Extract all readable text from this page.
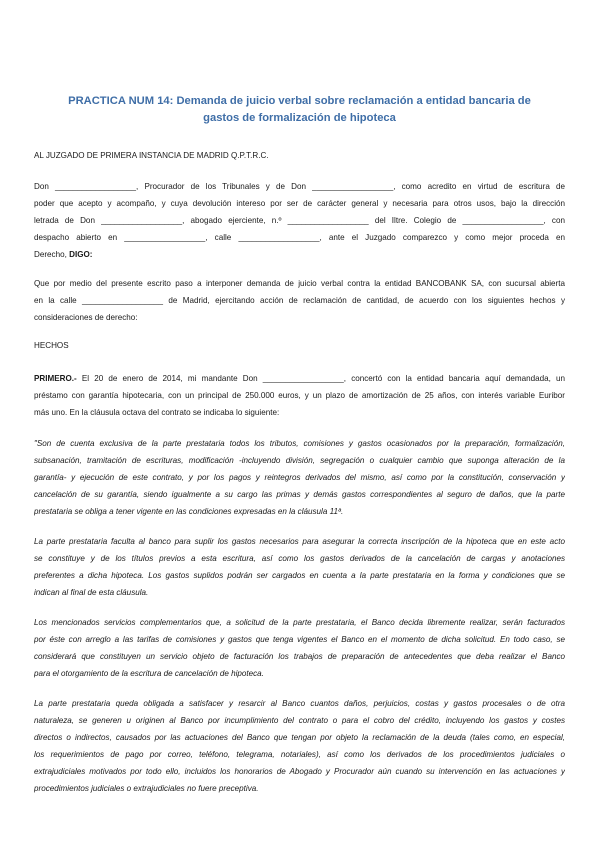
PRACTICA NUM 14: Demanda de juicio verbal sobre reclamación a entidad bancaria de
gastos de formalización de hipoteca
AL JUZGADO DE PRIMERA INSTANCIA DE MADRID Q.P.T.R.C.
Don __________________, Procurador de los Tribunales y de Don __________________, como acredito en virtud de escritura de
poder que acepto y acompaño, y cuya devolución intereso por ser de carácter general y necesaria para otros usos, bajo la dirección
letrada de Don __________________, abogado ejerciente, n.º __________________ del Iltre. Colegio de __________________, con
despacho abierto en __________________, calle __________________, ante el Juzgado comparezco y como mejor proceda en
Derecho, DIGO:
Que por medio del presente escrito paso a interponer demanda de juicio verbal contra la entidad BANCOBANK SA, con sucursal abierta
en la calle __________________ de Madrid, ejercitando acción de reclamación de cantidad, de acuerdo con los siguientes hechos y
consideraciones de derecho:
HECHOS
PRIMERO.- El 20 de enero de 2014, mi mandante Don __________________, concertó con la entidad bancaria aquí demandada, un
préstamo con garantía hipotecaria, con un principal de 250.000 euros, y un plazo de amortización de 25 años, con interés variable Euribor
más uno. En la cláusula octava del contrato se indicaba lo siguiente:
"Son de cuenta exclusiva de la parte prestataria todos los tributos, comisiones y gastos ocasionados por la preparación, formalización,
subsanación, tramitación de escrituras, modificación -incluyendo división, segregación o cualquier cambio que suponga alteración de la
garantía- y ejecución de este contrato, y por los pagos y reintegros derivados del mismo, así como por la constitución, conservación y
cancelación de su garantía, siendo igualmente a su cargo las primas y demás gastos correspondientes al seguro de daños, que la parte
prestataria se obliga a tener vigente en las condiciones expresadas en la cláusula 11ª.
La parte prestataria faculta al banco para suplir los gastos necesarios para asegurar la correcta inscripción de la hipoteca que en este acto
se constituye y de los títulos previos a esta escritura, así como los gastos derivados de la cancelación de cargas y anotaciones
preferentes a dicha hipoteca. Los gastos suplidos podrán ser cargados en cuenta a la parte prestataria en la forma y condiciones que se
indican al final de esta cláusula.
Los mencionados servicios complementarios que, a solicitud de la parte prestataria, el Banco decida libremente realizar, serán facturados
por éste con arreglo a las tarifas de comisiones y gastos que tenga vigentes el Banco en el momento de dicha solicitud. En todo caso, se
considerará que constituyen un servicio objeto de facturación los trabajos de preparación de antecedentes que deba realizar el Banco
para el otorgamiento de la escritura de cancelación de hipoteca.
La parte prestataria queda obligada a satisfacer y resarcir al Banco cuantos daños, perjuicios, costas y gastos procesales o de otra
naturaleza, se generen u originen al Banco por incumplimiento del contrato o para el cobro del crédito, incluyendo los gastos y costes
directos o indirectos, causados por las actuaciones del Banco que tengan por objeto la reclamación de la deuda (tales como, en especial,
los requerimientos de pago por correo, teléfono, telegrama, notariales), así como los derivados de los procedimientos judiciales o
extrajudiciales motivados por todo ello, incluidos los honorarios de Abogado y Procurador aún cuando su intervención en las actuaciones y
procedimientos judiciales o extrajudiciales no fuere preceptiva.
